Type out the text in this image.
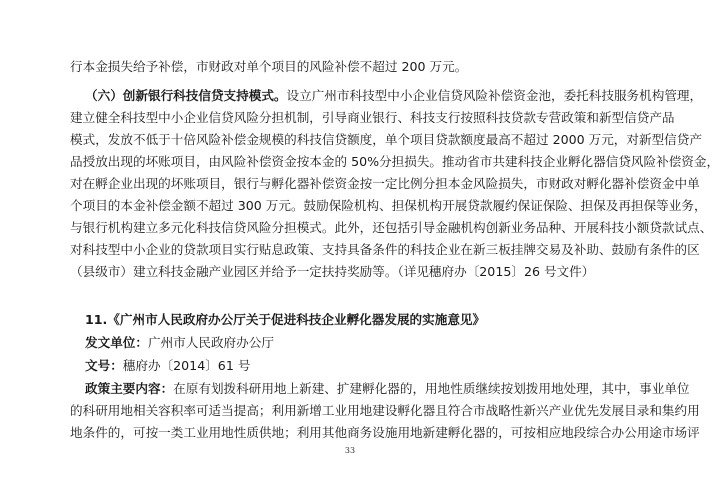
行本金损失给予补偿，市财政对单个项目的风险补偿不超过 200 万元。
（六）创新银行科技信贷支持模式。设立广州市科技型中小企业信贷风险补偿资金池，委托科技服务机构管理，
建立健全科技型中小企业信贷风险分担机制，引导商业银行、科技支行按照科技贷款专营政策和新型信贷产品
模式，发放不低于十倍风险补偿金规模的科技信贷额度，单个项目贷款额度最高不超过 2000 万元，对新型信贷产
品授放出现的坏账项目，由风险补偿资金按本金的 50%分担损失。推动省市共建科技企业孵化器信贷风险补偿资金，
对在孵企业出现的坏账项目，银行与孵化器补偿资金按一定比例分担本金风险损失，市财政对孵化器补偿资金中单
个项目的本金补偿金额不超过 300 万元。鼓励保险机构、担保机构开展贷款履约保证保险、担保及再担保等业务，
与银行机构建立多元化科技信贷风险分担模式。此外，还包括引导金融机构创新业务品种、开展科技小额贷款试点、
对科技型中小企业的贷款项目实行贴息政策、支持具备条件的科技企业在新三板挂牌交易及补助、鼓励有条件的区
（县级市）建立科技金融产业园区并给予一定扶持奖励等。（详见穗府办〔2015〕26 号文件）
11.《广州市人民政府办公厅关于促进科技企业孵化器发展的实施意见》
发文单位：广州市人民政府办公厅
文号：穗府办〔2014〕61 号
政策主要内容：在原有划拨科研用地上新建、扩建孵化器的，用地性质继续按划拨用地处理，其中，事业单位
的科研用地相关容积率可适当提高；利用新增工业用地建设孵化器且符合市战略性新兴产业优先发展目录和集约用
地条件的，可按一类工业用地性质供地；利用其他商务设施用地新建孵化器的，可按相应地段综合办公用途市场评
33
